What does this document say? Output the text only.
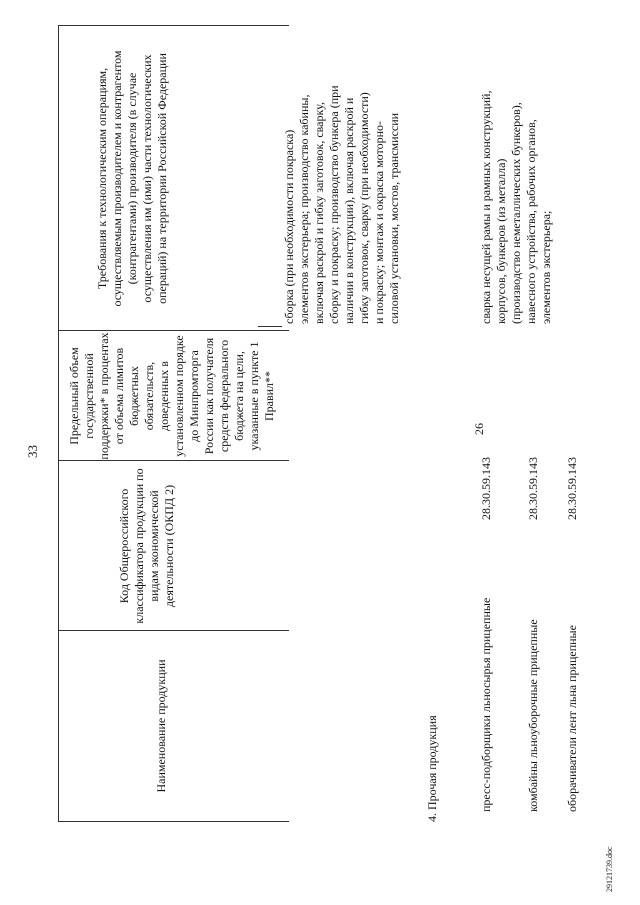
33
Наименование продукции
Код Общероссийского классификатора продукции по видам экономической деятельности (ОКПД 2)
Предельный объем государственной поддержки* в процентах от объема лимитов бюджетных обязательств, доведенных в установленном порядке до Минпромторга России как получателя средств федерального бюджета на цели, указанные в пункте 1 Правил**
Требования к технологическим операциям, осуществляемым производителем и контрагентом (контрагентами) производителя (в случае осуществления им (ими) части технологических операций) на территории Российской Федерации	сборка (при необходимости покраска) элементов экстерьера; производство кабины, включая раскрой и гибку заготовок, сварку, сборку и покраску; производство бункера (при наличии в конструкции), включая раскрой и гибку заготовок, сварку (при необходимости) и покраску; монтаж и окраска моторно-силовой установки, мостов, трансмиссии
26
4. Прочая продукция	пресс-подборщики льносырья прицепные
28.30.59.143
сварка несущей рамы и рамных конструкций, корпусов, бункеров (из металла) (производство неметаллических бункеров), навесного устройства, рабочих органов, элементов экстерьера;
комбайны льноуборочные прицепные
28.30.59.143
оборачиватели лент льна прицепные
28.30.59.143
29121739.doc
